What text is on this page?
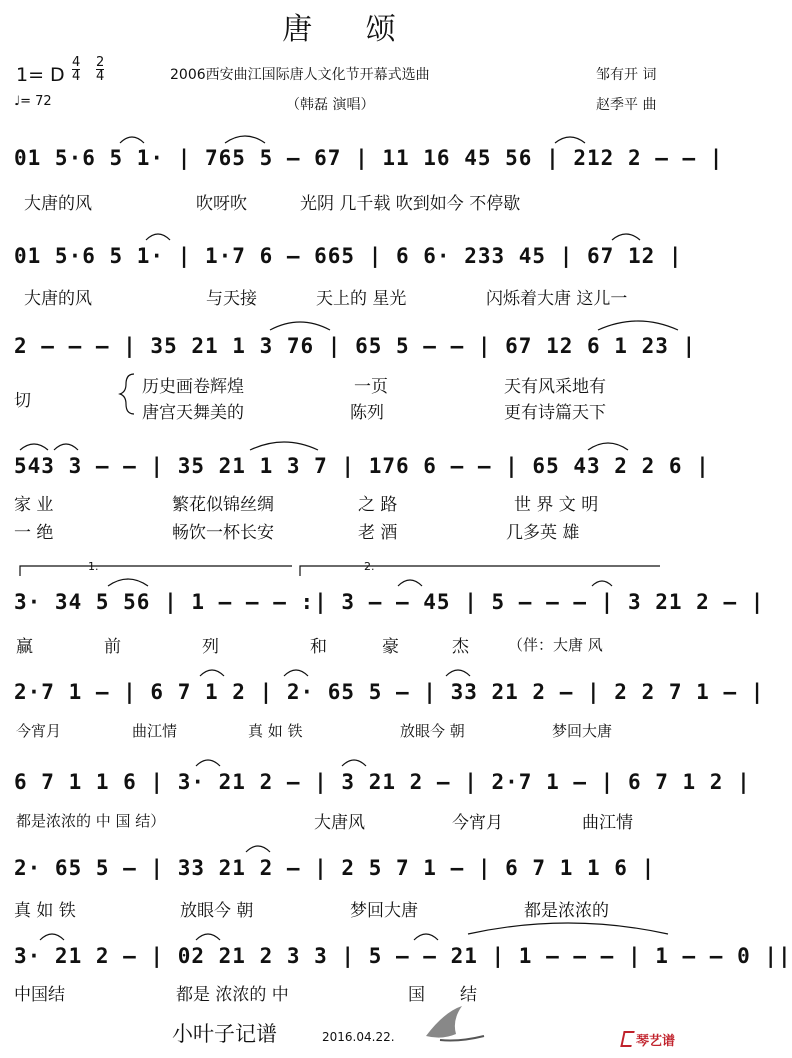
唐 颂
1= D
4
4
2
4
♩= 72
2006西安曲江国际唐人文化节开幕式选曲
（韩磊 演唱）
邹有开 词
赵季平 曲
01 5·6 5 1· | 765 5 – 67 | 11 16 45 56 | 212 2 – – |
大唐的风	吹呀吹	光阴 几千载 吹到如今 不停歇
01 5·6 5 1· | 1·7 6 – 665 | 6 6· 233 45 | 67 12 |
大唐的风	与天接	天上的 星光	闪烁着大唐 这儿一
2 – – – | 35 21 1 3 76 | 65 5 – – | 67 12 6 1 23 |
切
历史画卷辉煌	一页	天有风采地有
唐宫天舞美的	陈列	更有诗篇天下
543 3 – – | 35 21 1 3 7 | 176 6 – – | 65 43 2 2 6 |
家 业	繁花似锦丝绸	之 路	世 界 文 明
一 绝	畅饮一杯长安	老 酒	几多英 雄
1.	2.
3· 34 5 56 | 1 – – – :| 3 – – 45 | 5 – – – | 3 21 2 – |
赢	前	列	和	豪	杰	（伴：大唐 风
2·7 1 – | 6 7 1 2 | 2· 65 5 – | 33 21 2 – | 2 2 7 1 – |
今宵月	曲江情	真 如 铁	放眼今 朝	梦回大唐
6 7 1 1 6 | 3· 21 2 – | 3 21 2 – | 2·7 1 – | 6 7 1 2 |
都是浓浓的 中 国 结）	大唐风	今宵月	曲江情
2· 65 5 – | 33 21 2 – | 2 5 7 1 – | 6 7 1 1 6 |
真 如 铁	放眼今 朝	梦回大唐	都是浓浓的
3· 21 2 – | 02 21 2 3 3 | 5 – – 21 | 1 – – – | 1 – – 0 ||
中国结	都是 浓浓的 中	国 结
小叶子记谱	2016.04.22.	琴艺谱
